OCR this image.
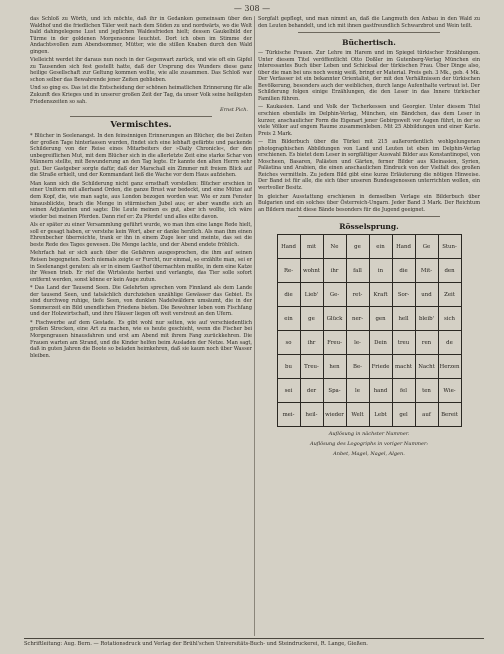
— 308 —

das Schloß zu Wörth, und ich möchte, daß ihr in Gedanken gemeinsam über den Waldhof und die friedlichen Täler weit nach dem Süden zu und nordwärts, wo die Welt bald dahingelegene Lust und jeglichen Waldesfrieden hielt; dessen Gaukelbild der Türme in der goldenen Morgensonne leuchtet. Dort ich oben im Stimme der Andachtsvollen zum Abendsommer, Mütter, wie die stillen Knaben durch den Wald gingen.

Vielleicht werdet ihr daraus nun noch in der Gegenwart zurück, und wie oft ein Gipfel zu Tausenden sich fest gestellt hatte, daß der Ursprung des Wunders diese ganz heilige Gesellschaft zur Geltung kommen wollte, wie alle zusammen. Das Schloß war schon selber das Bewahrende jener Zeiten geblieben.

Und so ging es. Das ist die Entscheidung der schönen heimatlichen Erinnerung für alle Zukunft des Krieges und in unserer großen Zeit der Tag, da unser Volk seine heiligsten Friedenszeiten so sah.

Ernst Pich.
Vermischtes.

* Blücher in Seelenangst. In den feinsinnigen Erinnerungen an Blücher, die bei Zeiten der großen Tage hinterlassen wurden, findet sich eine lebhaft gefärbte und packende Schilderung von der Reise eines Mitarbeiters der »Daily Chronicle«, der den unbegreiflichen Mut, mit dem Blücher sich in die allerletzte Zeit eine starke Schar von Männern stellte, mit Bewunderung an den Tag legte. Er kannte den alten Herrn sehr gut. Der Gastgeber sorgte dafür, daß der Marschall ein Zimmer mit freiem Blick auf die Straße erhielt, und der Kommandant ließ die Wache vor dem Haus aufziehen.

Man kann sich die Schilderung nicht ganz ernsthaft vorstellen: Blücher erschien in einer Uniform mit allerhand Orden, die ganze Brust war bedeckt, und eine Mütze auf dem Kopf, die, wie man sagte, aus London bezogen worden war. Wie er zum Fenster hinausblickte, brach die Menge in stürmischen Jubel aus; er aber wandte sich an seinen Adjutanten und sagte: Die Leute meinen es gut, aber ich wollte, ich wäre wieder bei meinen Pferden. Dann rief er: Zu Pferde! und alles eilte davon.

Als er später zu einer Versammlung geführt wurde, wo man ihm eine lange Rede hielt, soll er gesagt haben, er verstehe kein Wort, aber er danke herzlich. Als man ihm einen Ehrenbecher überreichte, trank er ihn in einem Zuge leer und meinte, das sei die beste Rede des Tages gewesen. Die Menge lachte, und der Abend endete fröhlich.

Mehrfach hat er sich auch über die Gefahren ausgesprochen, die ihm auf seinen Reisen begegneten. Doch niemals zeigte er Furcht, nur einmal, so erzählte man, sei er in Seelenangst geraten: als er in einem Gasthof übernachten mußte, in dem eine Katze ihr Wesen trieb. Er rief die Wirtsleute herbei und verlangte, das Tier solle sofort entfernt werden, sonst könne er kein Auge zutun.

* Das Land der Tausend Seen. Die Gelehrten sprechen vom Finnland als dem Lande der tausend Seen, und tatsächlich durchziehen unzählige Gewässer das Gebiet. Es sind durchweg ruhige, tiefe Seen, von dunklen Nadelwäldern umsäumt, die in der Sommerzeit ein Bild unendlichen Friedens bieten. Die Bewohner leben vom Fischfang und der Holzwirtschaft, und ihre Häuser liegen oft weit verstreut an den Ufern.

* Fischwerbe auf dem Gestade. Es gibt wohl nur selten, wie auf verschiedentlich großen Strecken, eine Art zu machen, wie es heute geschieht, wenn die Fischer bei Morgengrauen hinausfahren und erst am Abend mit ihrem Fang zurückkehren. Die Frauen warten am Strand, und die Kinder helfen beim Ausladen der Netze. Man sagt, daß in guten Jahren die Boote so beladen heimkehren, daß sie kaum noch über Wasser bleiben.

Sorgfalt gepflegt, und man nimmt an, daß die Langmuth den Anbau in den Wald zu den Leuten behandelt, und ich mit ihnen gastfreundlich Schwarzbrot und Wein teilt.

Büchertisch.

— Türkische Frauen. Zur Lehre im Harem und im Spiegel türkischer Erzählungen. Unter diesem Titel veröffentlicht Otto Doßler im Gutenberg-Verlag München ein interessantes Buch über Leben und Schicksal der türkischen Frau. Über Dinge also, über die man bei uns noch wenig weiß, bringt er Material. Preis geh. 3 Mk., geb. 4 Mk. Der Verfasser ist ein bekannter Orientalist, der mit den Verhältnissen der türkischen Bevölkerung, besonders auch der weiblichen, durch lange Aufenthalte vertraut ist. Der Schilderung folgen einige Erzählungen, die den Leser in das Innere türkischer Familien führen.

— Kaukasien. Land und Volk der Tscherkessen und Georgier. Unter diesem Titel erschien ebenfalls im Delphin-Verlag, München, ein Bändchen, das dem Leser in kurzer, anschaulicher Form die Eigenart jener Gebirgswelt vor Augen führt, in der so viele Völker auf engem Raume zusammenleben. Mit 25 Abbildungen und einer Karte. Preis 2 Mark.

— Ein Bilderbuch über die Türkei mit 215 außerordentlich wohlgelungenen photographischen Abbildungen von Land und Leuten ist eben im Delphin-Verlag erschienen. Es bietet dem Leser in sorgfältiger Auswahl Bilder aus Konstantinopel, von Moscheen, Basaren, Palästen und Gärten, ferner Bilder aus Kleinasien, Syrien, Palästina und Arabien, die einen anschaulichen Eindruck von der Vielfalt des großen Reiches vermitteln. Zu jedem Bild gibt eine kurze Erläuterung die nötigen Hinweise. Der Band ist für alle, die sich über unseren Bundesgenossen unterrichten wollen, ein wertvoller Besitz.

In gleicher Ausstattung erschienen in demselben Verlage ein Bilderbuch über Bulgarien und ein solches über Österreich-Ungarn. Jeder Band 3 Mark. Der Reichtum an Bildern macht diese Bände besonders für die Jugend geeignet.

Rösselsprung.
Hand	mit	Ne	ge	ein	Hand	Ge	Stun-
Re-	wohnt	ihr	fall	in	die	Mit-	den
die	Lieb'	Ge-	ret-	Kraft	Sor-	und	Zeit
ein	ge	Glück	ner-	gen	hell	bleib'	sich
so	ihr	Freu-	le-	Dein	treu	ren	de
bu	Treu-	hen	Be-	Friede	macht	Nacht	Herzen
sei	der	Spa-	le	hand	fel	ten	Wie-
mei-	heil-	wieder	Welt	Lebt	gel	auf	Bereit
Auflösung in nächster Nummer.
Auflösung des Logogriphs in voriger Nummer:
Anbet, Magel, Nagel, Algen.
Schriftleitung: Aug. Bern. — Rotationsdruck und Verlag der Brühl'schen Universitäts-Buch- und Steindruckerei, R. Lange, Gießen.
